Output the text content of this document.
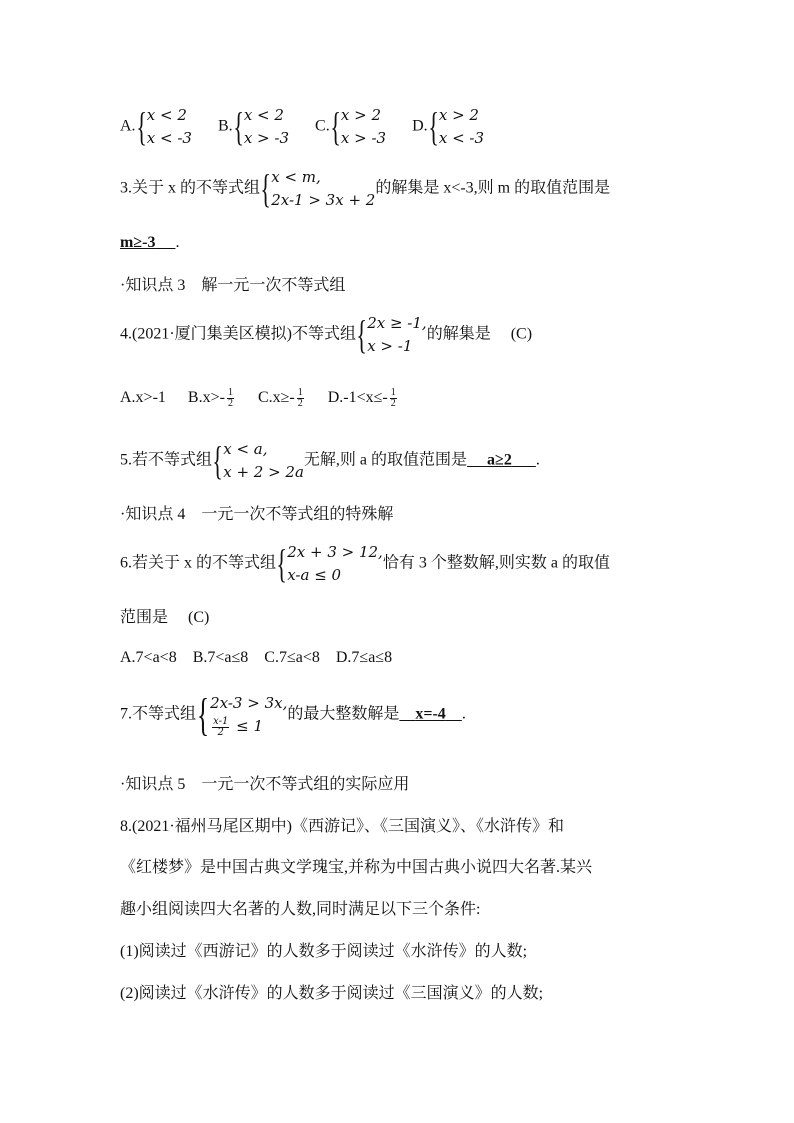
A. { x < 2
x < -3
B. { x < 2
x > -3
C. { x > 2
x > -3
D. { x > 2
x < -3
3.关于 x 的不等式组 { x < m,
2x-1 > 3x + 2
的解集是 x<-3,则 m 的取值范围是
m≥-3 .
·知识点 3　解一元一次不等式组
4.(2021·厦门集美区模拟)不等式组 { 2x ≥ -1,
x > -1
的解集是 (C)
A.x>-1 $B.x>- \frac{1}{2} C.x\ge- \frac{1}{2} D.-1<x\le- \frac{1}{2}$
5.若不等式组 { x < a,
x + 2 > 2a
无解,则 a 的取值范围是 a≥2 .
·知识点 4　一元一次不等式组的特殊解
6.若关于 x 的不等式组 { 2x + 3 > 12,
x-a ≤ 0
恰有 3 个整数解,则实数 a 的取值
范围是 (C)
A.7<a<8　B.7<a≤8　C.7≤a<8　D.7≤a≤8
7.不等式组 { 2x-3 > 3x,
$\frac{x-1}{2} \le 1$
的最大整数解是 x=-4 .
·知识点 5　一元一次不等式组的实际应用
8.(2021·福州马尾区期中)《西游记》、《三国演义》、《水浒传》和
《红楼梦》是中国古典文学瑰宝,并称为中国古典小说四大名著.某兴
趣小组阅读四大名著的人数,同时满足以下三个条件:
(1)阅读过《西游记》的人数多于阅读过《水浒传》的人数;
(2)阅读过《水浒传》的人数多于阅读过《三国演义》的人数;
